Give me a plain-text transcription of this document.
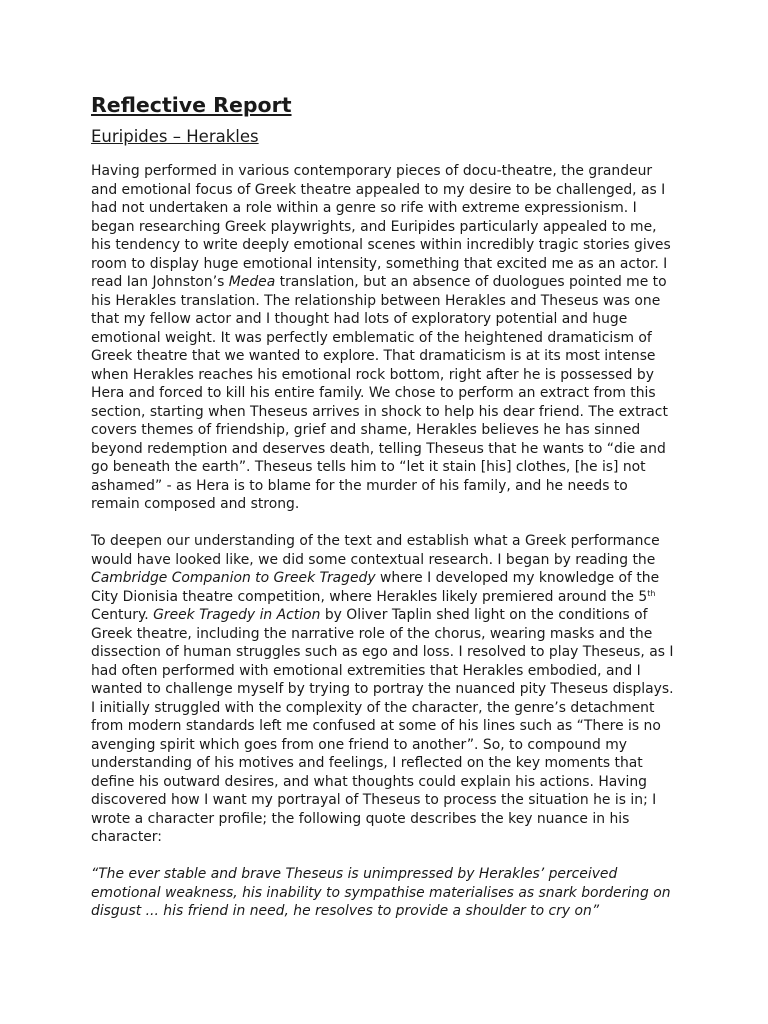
Reflective Report
Euripides – Herakles

Having performed in various contemporary pieces of docu-theatre, the grandeur and emotional focus of Greek theatre appealed to my desire to be challenged, as I had not undertaken a role within a genre so rife with extreme expressionism. I began researching Greek playwrights, and Euripides particularly appealed to me, his tendency to write deeply emotional scenes within incredibly tragic stories gives room to display huge emotional intensity, something that excited me as an actor. I read Ian Johnston’s Medea translation, but an absence of duologues pointed me to his Herakles translation. The relationship between Herakles and Theseus was one that my fellow actor and I thought had lots of exploratory potential and huge emotional weight. It was perfectly emblematic of the heightened dramaticism of Greek theatre that we wanted to explore. That dramaticism is at its most intense when Herakles reaches his emotional rock bottom, right after he is possessed by Hera and forced to kill his entire family. We chose to perform an extract from this section, starting when Theseus arrives in shock to help his dear friend. The extract covers themes of friendship, grief and shame, Herakles believes he has sinned beyond redemption and deserves death, telling Theseus that he wants to “die and go beneath the earth”. Theseus tells him to “let it stain [his] clothes, [he is] not ashamed” - as Hera is to blame for the murder of his family, and he needs to remain composed and strong.

To deepen our understanding of the text and establish what a Greek performance would have looked like, we did some contextual research. I began by reading the Cambridge Companion to Greek Tragedy where I developed my knowledge of the City Dionisia theatre competition, where Herakles likely premiered around the 5th Century. Greek Tragedy in Action by Oliver Taplin shed light on the conditions of Greek theatre, including the narrative role of the chorus, wearing masks and the dissection of human struggles such as ego and loss. I resolved to play Theseus, as I had often performed with emotional extremities that Herakles embodied, and I wanted to challenge myself by trying to portray the nuanced pity Theseus displays. I initially struggled with the complexity of the character, the genre’s detachment from modern standards left me confused at some of his lines such as “There is no avenging spirit which goes from one friend to another”. So, to compound my understanding of his motives and feelings, I reflected on the key moments that define his outward desires, and what thoughts could explain his actions. Having discovered how I want my portrayal of Theseus to process the situation he is in; I wrote a character profile; the following quote describes the key nuance in his character:

“The ever stable and brave Theseus is unimpressed by Herakles’ perceived emotional weakness, his inability to sympathise materialises as snark bordering on disgust ... his friend in need, he resolves to provide a shoulder to cry on”
